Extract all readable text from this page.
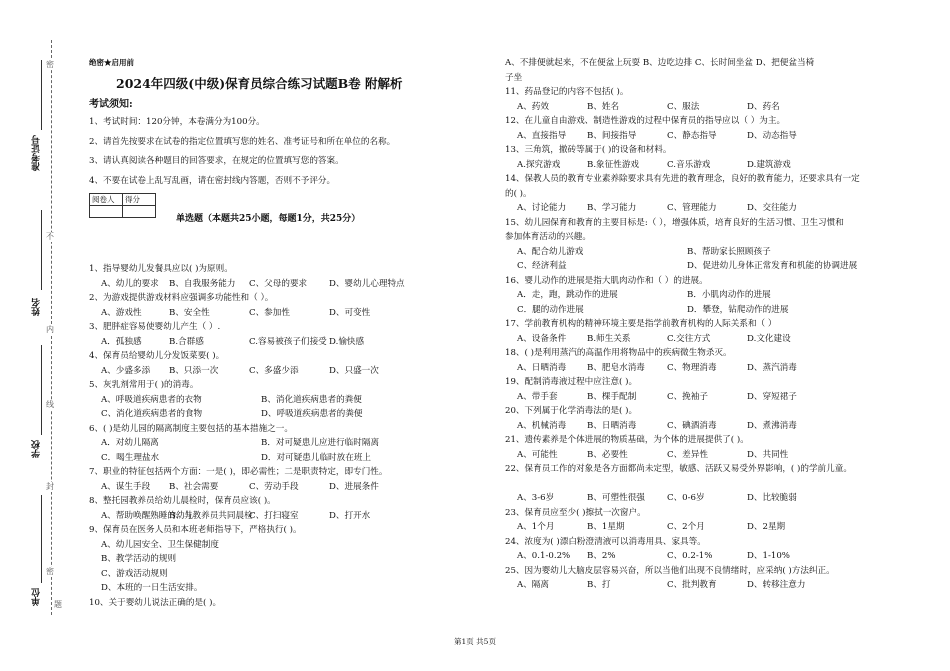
准考证号
姓名
学校
单位
密
不
内
线
封
密
题
绝密★启用前
2024年四级(中级)保育员综合练习试题B卷 附解析
考试须知:

1、考试时间：120分钟，本卷满分为100分。

2、请首先按要求在试卷的指定位置填写您的姓名、准考证号和所在单位的名称。

3、请认真阅读各种题目的回答要求，在规定的位置填写您的答案。

4、不要在试卷上乱写乱画，请在密封线内答题，否则不予评分。

阅卷人	得分

单选题（本题共25小题，每题1分，共25分）

1、指导婴幼儿发餐具应以( )为原则。

A、幼儿的要求 B、自我服务能力 C、父母的要求	D、婴幼儿心理特点

2、为游戏提供游戏材料应强调多功能性和（ ）。

A、游戏性	B、安全性	C、参加性	D、可变性

3、肥胖症容易使婴幼儿产生（ ）.

A．孤独感	B.合群感	C.容易被孩子们接受 D.愉快感

4、保育员给婴幼儿分发饭菜要( )。

A、少盛多添 B、只添一次	C、多盛少添	D、只盛一次

5、灰乳剂常用于( )的消毒。

A、呼吸道疾病患者的衣物	B、消化道疾病患者的粪便

C、消化道疾病患者的食物	D、呼吸道疾病患者的粪便

6、( )是幼儿园的隔离制度主要包括的基本措施之一。

A．对幼儿隔离	B．对可疑患儿应进行临时隔离

C．喝生理盐水	D．对可疑患儿临时放在班上

7、职业的特征包括两个方面：一是( )，即必需性；二是职责特定，即专门性。

A、谋生手段 B、社会需要	C、劳动手段	D、进展条件

8、整托园教养员给幼儿晨检时，保育员应该( )。

A、帮助唤醒熟睡的幼儿B、与教养员共同晨检C、打扫寝室	D、打开水

9、保育员在医务人员和本班老师指导下，严格执行( )。

A、幼儿园安全、卫生保健制度

B、教学活动的规则

C、游戏活动规则

D、本班的一日生活安排。

10、关于婴幼儿说法正确的是( )。

A、不排便就起来，不在便盆上玩耍 B、边吃边排 C、长时间坐盆 D、把便盆当椅

子坐

11、药品登记的内容不包括( )。

A、药效	B、姓名	C、服法	D、药名

12、在儿童自由游戏、制造性游戏的过程中保育员的指导应以（ ）为主。

A、直接指导 B、间接指导	C、静态指导	D、动态指导

13、三角筑，撤砖等属于( )的设备和材料。

A.探究游戏	B.象征性游戏	C.音乐游戏	D.建筑游戏

14、保教人员的教育专业素养除要求具有先进的教育理念，良好的教育能力，还要求具有一定

的( )。

A、讨论能力 B、学习能力	C、管理能力	D、交往能力

15、幼儿园保育和教育的主要目标是:（ ），增强体质，培育良好的生活习惯、卫生习惯和

参加体育活动的兴趣。

A、配合幼儿游戏	B、帮助家长照顾孩子

C、经济利益	D、促进幼儿身体正常发育和机能的协调进展

16、婴儿动作的进展是指大肌肉动作和（ ）的进展。

A．走，跑，跳动作的进展	B．小肌肉动作的进展

C．腿的动作进展	D．攀登，钻爬动作的进展

17、学前教育机构的精神环境主要是指学前教育机构的人际关系和（ ）

A、设备条件 B.师生关系	C.交往方式	D.文化建设

18、( )是利用蒸汽的高温作用将物品中的疾病微生物杀灭。

A、日晒消毒 B、肥皂水消毒	C、物理消毒	D、蒸汽消毒

19、配制消毒液过程中应注意( )。

A、带手套	B、棵手配制	C、挽袖子	D、穿短裙子

20、下列属于化学消毒法的是( )。

A、机械消毒 B、日晒消毒	C、碘酒消毒	D、煮沸消毒

21、遗传素养是个体进展的物质基础，为个体的进展提供了( )。

A、可能性	B、必要性	C、差异性	D、共同性

22、保育员工作的对象是各方面都尚未定型，敏感、活跃又易受外界影响，( )的学前儿童。

A、3-6岁	B、可塑性很强	C、0-6岁	D、比较脆弱

23、保育员应至少( )擦拭一次窗户。

A、1个月	B、1星期	C、2个月	D、2星期

24、浓度为( )漂白粉澄清液可以消毒用具、家具等。

A、0.1-0.2% B、2%	C、0.2-1%	D、1-10%

25、因为婴幼儿大脑皮层容易兴奋，所以当他们出现不良情绪时，应采纳( )方法纠正。

A、隔离	B、打	C、批判教育	D、转移注意力

第1页 共5页
